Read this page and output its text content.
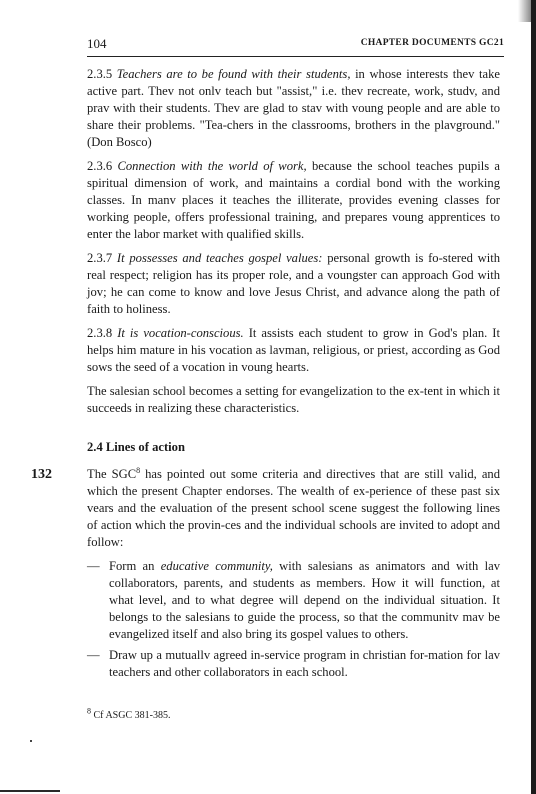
104	CHAPTER DOCUMENTS GC21

2.3.5 Teachers are to be found with their students, in whose interests thev take active part. Thev not onlv teach but "assist," i.e. thev recreate, work, studv, and prav with their students. Thev are glad to stav with voung people and are able to share their problems. "Tea-chers in the classrooms, brothers in the plavground." (Don Bosco)

2.3.6 Connection with the world of work, because the school teaches pupils a spiritual dimension of work, and maintains a cordial bond with the working classes. In manv places it teaches the illiterate, provides evening classes for working people, offers professional training, and prepares voung apprentices to enter the labor market with qualified skills.

2.3.7 It possesses and teaches gospel values: personal growth is fo-stered with real respect; religion has its proper role, and a voungster can approach God with jov; he can come to know and love Jesus Christ, and advance along the path of faith to holiness.

2.3.8 It is vocation-conscious. It assists each student to grow in God's plan. It helps him mature in his vocation as lavman, religious, or priest, according as God sows the seed of a vocation in voung hearts.

The salesian school becomes a setting for evangelization to the ex-tent in which it succeeds in realizing these characteristics.

2.4 Lines of action
132	The SGC$^8$ has pointed out some criteria and directives that are still valid, and which the present Chapter endorses. The wealth of ex-perience of these past six vears and the evaluation of the present school scene suggest the following lines of action which the provin-ces and the individual schools are invited to adopt and follow:

— Form an educative community, with salesians as animators and with lav collaborators, parents, and students as members. How it will function, at what level, and to what degree will depend on the individual situation. It belongs to the salesians to guide the process, so that the communitv mav be evangelized itself and also bring its gospel values to others.
— Draw up a mutuallv agreed in-service program in christian for-mation for lav teachers and other collaborators in each school.
$^8$ Cf ASGC 381-385.
